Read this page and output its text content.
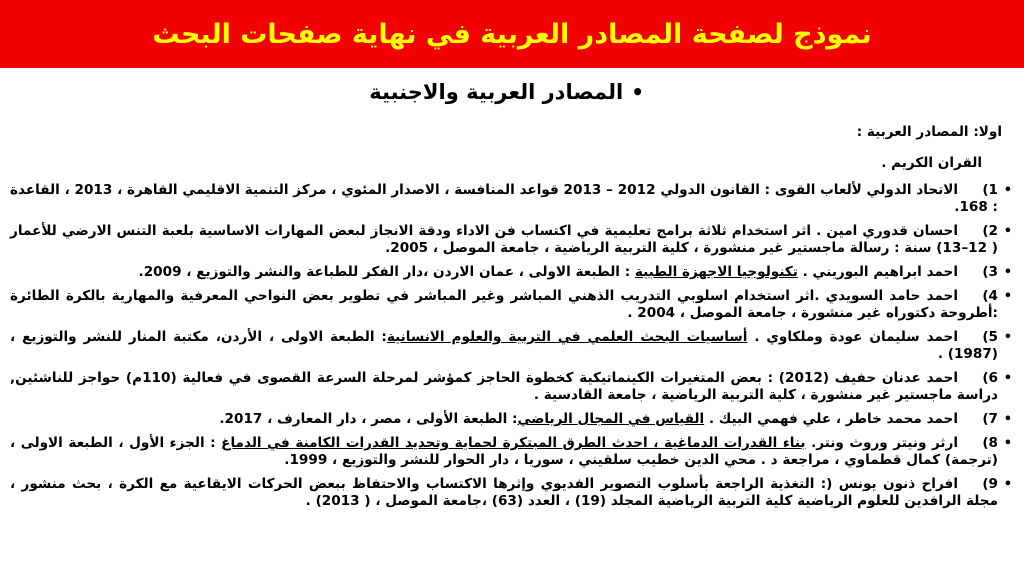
نموذج لصفحة المصادر العربية في نهاية صفحات البحث
•
المصادر العربية والاجنبية
اولا: المصادر العربية :
القران الكريم .
• 1)الاتحاد الدولي لألعاب القوى : القانون الدولي 2012 – 2013 قواعد المنافسة ، الاصدار المئوي ، مركز التنمية الاقليمي القاهرة ، 2013 ، القاعدة : 168.
• 2)احسان قدوري امين . اثر استخدام ثلاثة برامج تعليمية في اكتساب فن الاداء ودقة الانجاز لبعض المهارات الاساسية بلعبة التنس الارضي للأعمار ( 12–13) سنة : رسالة ماجستير غير منشورة ، كلية التربية الرياضية ، جامعة الموصل ، 2005.
• 3)احمد ابراهيم البوريني . تكنولوجيا الاجهزة الطبية : الطبعة الاولى ، عمان الاردن ،دار الفكر للطباعة والنشر والتوزيع ، 2009.
• 4)احمد حامد السويدي .اثر استخدام اسلوبي التدريب الذهني المباشر وغير المباشر في تطوير بعض النواحي المعرفية والمهارية بالكرة الطائرة :أطروحة دكتوراه غير منشورة ، جامعة الموصل ، 2004 .
• 5)احمد سليمان عودة وملكاوي . أساسيات البحث العلمي في التربية والعلوم الانسانية: الطبعة الاولى ، الأردن، مكتبة المنار للنشر والتوزيع ، (1987) .
• 6)احمد عدنان حفيف (2012) : بعض المتغيرات الكينماتيكية كخطوة الحاجز كمؤشر لمرحلة السرعة القصوى في فعالية (110م) حواجز للناشئين, دراسة ماجستير غير منشورة ، كلية التربية الرياضية ، جامعة القادسية .
• 7)احمد محمد خاطر ، علي فهمي البيك . القياس في المجال الرياضي: الطبعة الأولى ، مصر ، دار المعارف ، 2017.
• 8)ارثر ونيتر وروث ونتر. بناء القدرات الدماغية ، احدث الطرق المبتكرة لحماية وتحديد القدرات الكامنة في الدماغ : الجزء الأول ، الطبعة الاولى ، (ترجمة) كمال قطماوي ، مراجعة د . محي الدين خطيب سلقيني ، سوريا ، دار الحوار للنشر والتوزيع ، 1999.
• 9)افراح ذنون يونس (: التغذية الراجعة بأسلوب التصوير الفديوي وإثرها الاكتساب والاحتفاظ ببعض الحركات الايقاعية مع الكرة ، بحث منشور ، مجلة الرافدين للعلوم الرياضية كلية التربية الرياضية المجلد (19) ، العدد (63) ،جامعة الموصل ، ( 2013) .
